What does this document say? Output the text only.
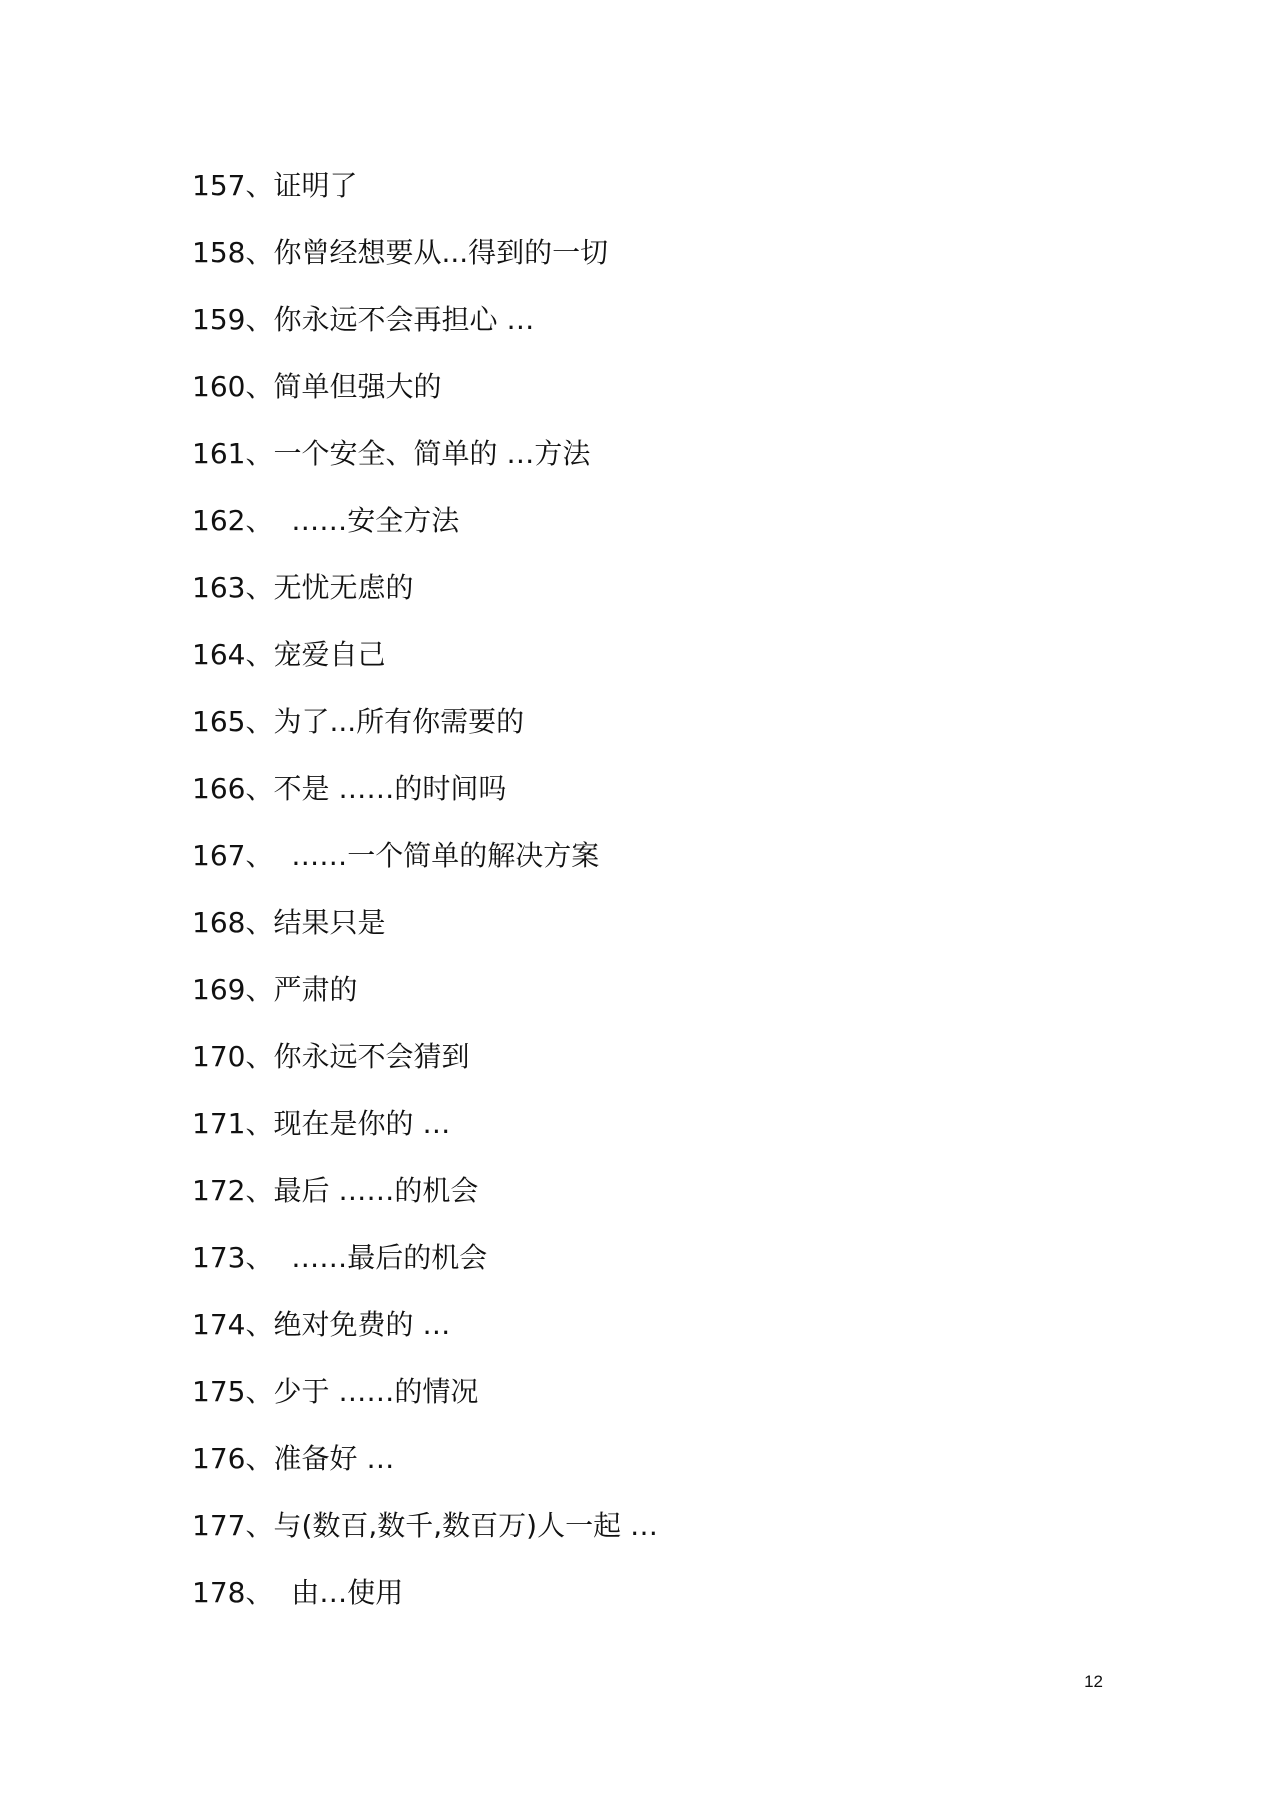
157、证明了
158、你曾经想要从...得到的一切
159、你永远不会再担心 …
160、简单但强大的
161、一个安全、简单的 …方法
162、  ……安全方法
163、无忧无虑的
164、宠爱自己
165、为了...所有你需要的
166、不是 ……的时间吗
167、  ……一个简单的解决方案
168、结果只是
169、严肃的
170、你永远不会猜到
171、现在是你的 …
172、最后 ……的机会
173、  ……最后的机会
174、绝对免费的 …
175、少于 ……的情况
176、准备好 …
177、与(数百,数千,数百万)人一起 …
178、  由…使用
12
